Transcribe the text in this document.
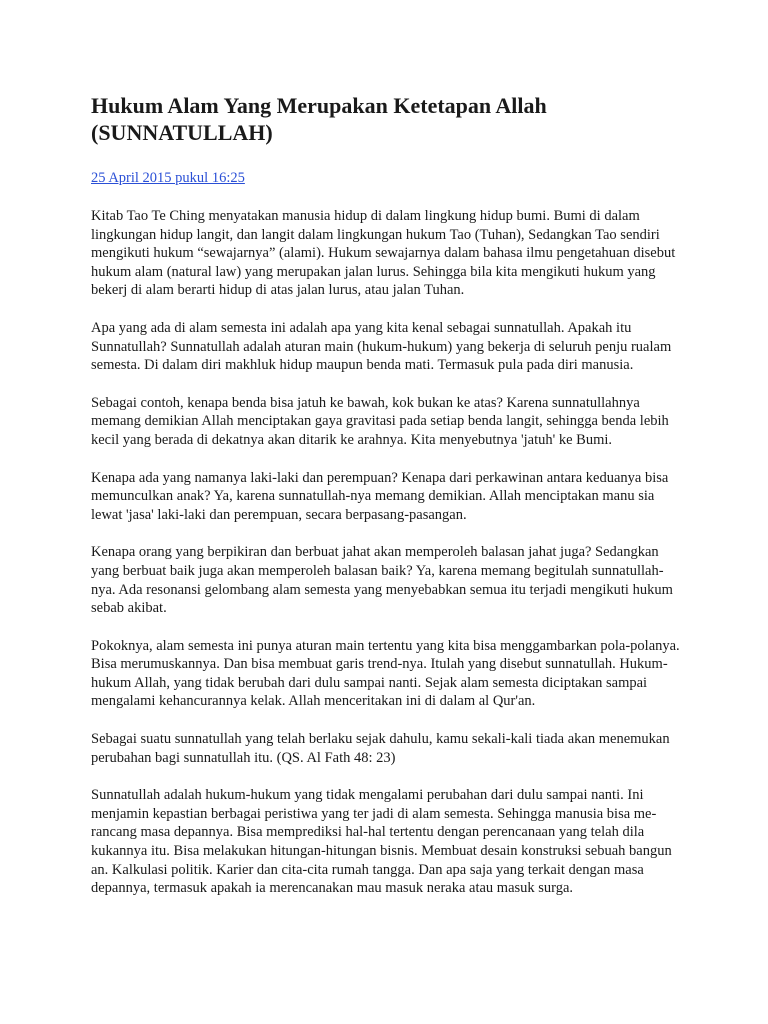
Hukum Alam Yang Merupakan Ketetapan Allah
(SUNNATULLAH)
25 April 2015 pukul 16:25

Kitab Tao Te Ching menyatakan manusia hidup di dalam lingkung hidup bumi. Bumi di dalam lingkungan hidup langit, dan langit dalam lingkungan hukum Tao (Tuhan), Sedangkan Tao sendiri mengikuti hukum “sewajarnya” (alami). Hukum sewajarnya dalam bahasa ilmu pengetahuan disebut hukum alam (natural law) yang merupakan jalan lurus. Sehingga bila kita mengikuti hukum yang bekerj di alam berarti hidup di atas jalan lurus, atau jalan Tuhan.

Apa yang ada di alam semesta ini adalah apa yang kita kenal sebagai sunnatullah. Apakah itu Sunnatullah? Sunnatullah adalah aturan main (hukum-hukum) yang bekerja di seluruh penju rualam semesta. Di dalam diri makhluk hidup maupun benda mati. Termasuk pula pada diri manusia.

Sebagai contoh, kenapa benda bisa jatuh ke bawah, kok bukan ke atas? Karena sunnatullahnya memang demikian Allah menciptakan gaya gravitasi pada setiap benda langit, sehingga benda lebih kecil yang berada di dekatnya akan ditarik ke arahnya. Kita menyebutnya 'jatuh' ke Bumi.

Kenapa ada yang namanya laki-laki dan perempuan? Kenapa dari perkawinan antara keduanya bisa memunculkan anak? Ya, karena sunnatullah-nya memang demikian. Allah menciptakan manu sia lewat 'jasa' laki-laki dan perempuan, secara berpasang-pasangan.

Kenapa orang yang berpikiran dan berbuat jahat akan memperoleh balasan jahat juga? Sedangkan yang berbuat baik juga akan memperoleh balasan baik? Ya, karena memang begitulah sunnatullah-nya. Ada resonansi gelombang alam semesta yang menyebabkan semua itu terjadi mengikuti hukum sebab akibat.

Pokoknya, alam semesta ini punya aturan main tertentu yang kita bisa menggambarkan pola-polanya. Bisa merumuskannya. Dan bisa membuat garis trend-nya. Itulah yang disebut sunnatullah. Hukum-hukum Allah, yang tidak berubah dari dulu sampai nanti. Sejak alam semesta diciptakan sampai mengalami kehancurannya kelak. Allah menceritakan ini di dalam al Qur'an.

Sebagai suatu sunnatullah yang telah berlaku sejak dahulu, kamu sekali-kali tiada akan menemukan perubahan bagi sunnatullah itu. (QS. Al Fath 48: 23)

Sunnatullah adalah hukum-hukum yang tidak mengalami perubahan dari dulu sampai nanti. Ini menjamin kepastian berbagai peristiwa yang ter jadi di alam semesta. Sehingga manusia bisa me-rancang masa depannya. Bisa memprediksi hal-hal tertentu dengan perencanaan yang telah dila kukannya itu. Bisa melakukan hitungan-hitungan bisnis. Membuat desain konstruksi sebuah bangun an. Kalkulasi politik. Karier dan cita-cita rumah tangga. Dan apa saja yang terkait dengan masa depannya, termasuk apakah ia merencanakan mau masuk neraka atau masuk surga.
